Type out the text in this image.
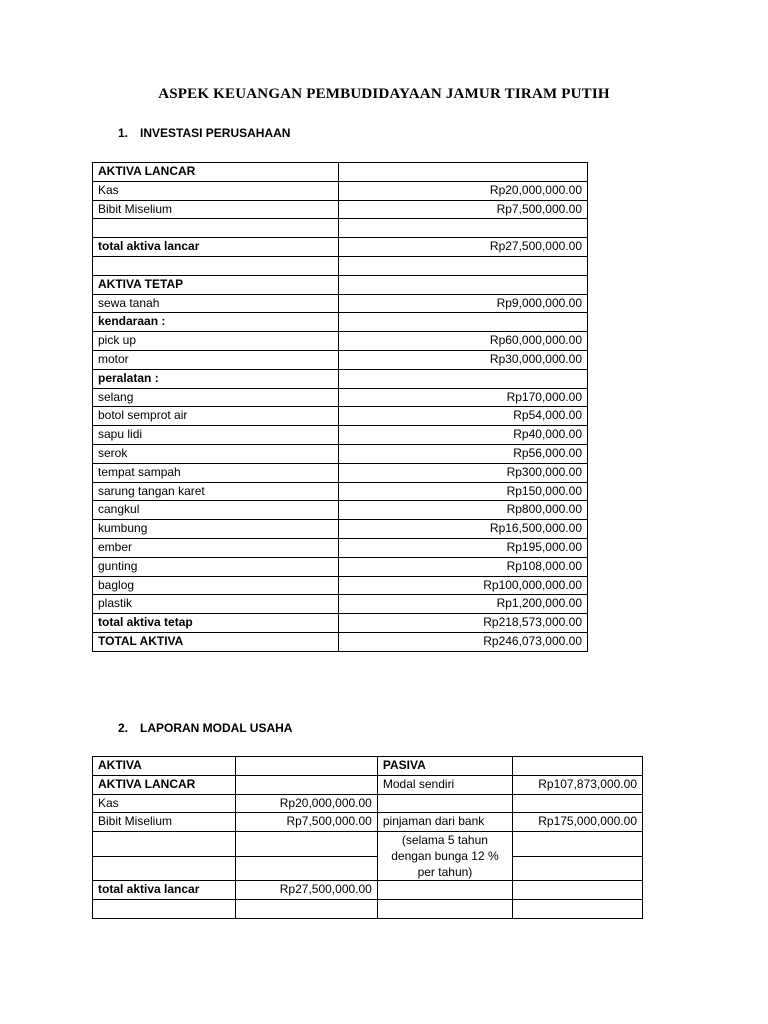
ASPEK KEUANGAN PEMBUDIDAYAAN JAMUR TIRAM PUTIH
1. INVESTASI PERUSAHAAN
AKTIVA LANCAR	
Kas	Rp20,000,000.00
Bibit Miselium	Rp7,500,000.00

total aktiva lancar	Rp27,500,000.00

AKTIVA TETAP	
sewa tanah	Rp9,000,000.00
kendaraan :	
pick up	Rp60,000,000.00
motor	Rp30,000,000.00
peralatan :	
selang	Rp170,000.00
botol semprot air	Rp54,000.00
sapu lidi	Rp40,000.00
serok	Rp56,000.00
tempat sampah	Rp300,000.00
sarung tangan karet	Rp150,000.00
cangkul	Rp800,000.00
kumbung	Rp16,500,000.00
ember	Rp195,000.00
gunting	Rp108,000.00
baglog	Rp100,000,000.00
plastik	Rp1,200,000.00
total aktiva tetap	Rp218,573,000.00
TOTAL AKTIVA	Rp246,073,000.00
2. LAPORAN MODAL USAHA
AKTIVA		PASIVA	
AKTIVA LANCAR		Modal sendiri	Rp107,873,000.00
Kas	Rp20,000,000.00		
Bibit Miselium	Rp7,500,000.00	pinjaman dari bank	Rp175,000,000.00
		(selama 5 tahun dengan bunga 12 % per tahun)	

total aktiva lancar	Rp27,500,000.00		
